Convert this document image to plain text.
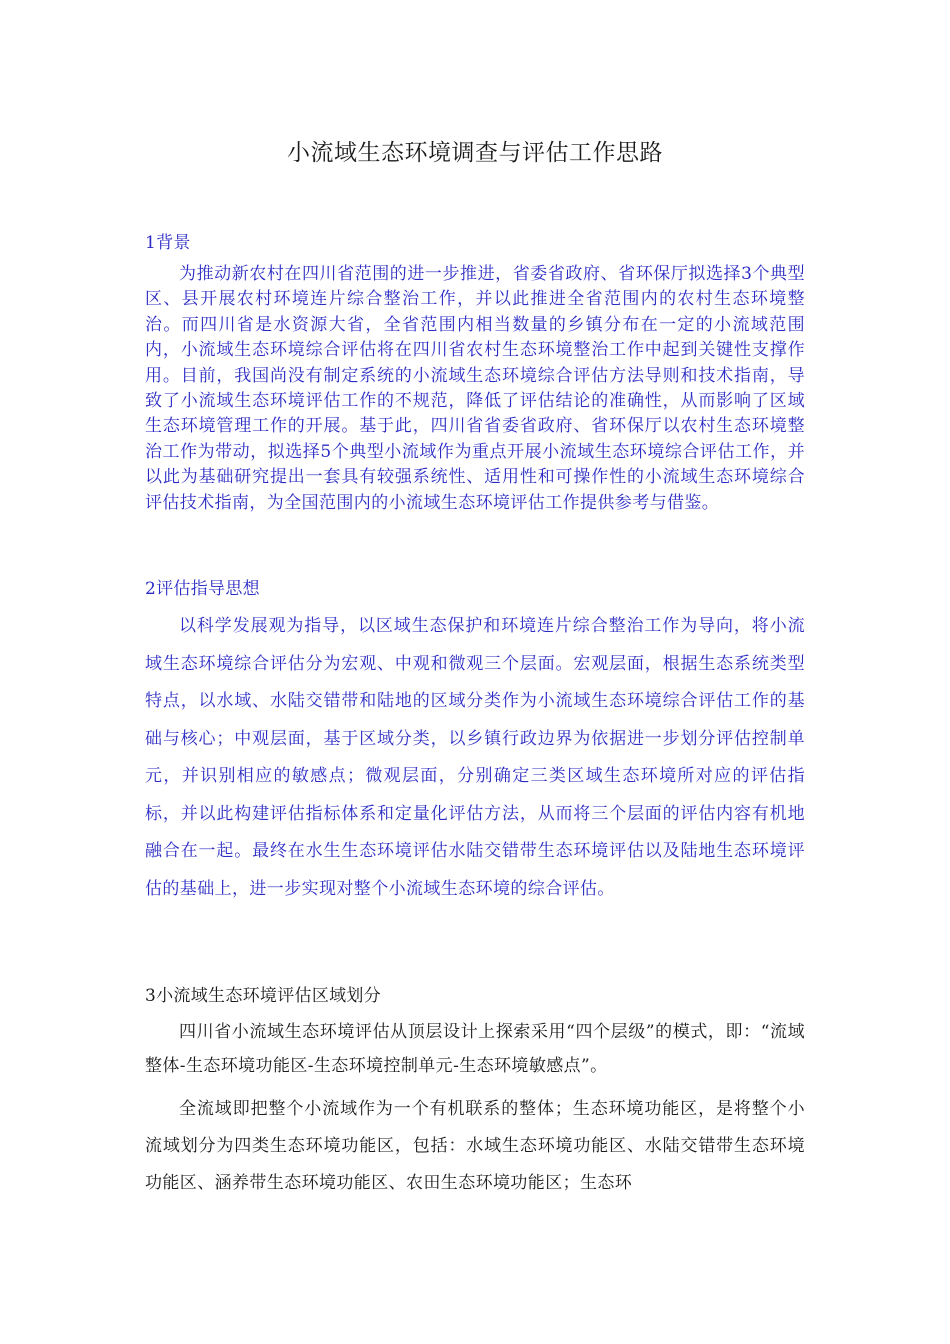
小流域生态环境调查与评估工作思路
1背景

为推动新农村在四川省范围的进一步推进，省委省政府、省环保厅拟选择3个典型区、县开展农村环境连片综合整治工作，并以此推进全省范围内的农村生态环境整治。而四川省是水资源大省，全省范围内相当数量的乡镇分布在一定的小流域范围内，小流域生态环境综合评估将在四川省农村生态环境整治工作中起到关键性支撑作用。目前，我国尚没有制定系统的小流域生态环境综合评估方法导则和技术指南，导致了小流域生态环境评估工作的不规范，降低了评估结论的准确性，从而影响了区域生态环境管理工作的开展。基于此，四川省省委省政府、省环保厅以农村生态环境整治工作为带动，拟选择5个典型小流域作为重点开展小流域生态环境综合评估工作，并以此为基础研究提出一套具有较强系统性、适用性和可操作性的小流域生态环境综合评估技术指南，为全国范围内的小流域生态环境评估工作提供参考与借鉴。

2评估指导思想

以科学发展观为指导，以区域生态保护和环境连片综合整治工作为导向，将小流域生态环境综合评估分为宏观、中观和微观三个层面。宏观层面，根据生态系统类型特点，以水域、水陆交错带和陆地的区域分类作为小流域生态环境综合评估工作的基础与核心；中观层面，基于区域分类，以乡镇行政边界为依据进一步划分评估控制单元，并识别相应的敏感点；微观层面，分别确定三类区域生态环境所对应的评估指标，并以此构建评估指标体系和定量化评估方法，从而将三个层面的评估内容有机地融合在一起。最终在水生生态环境评估水陆交错带生态环境评估以及陆地生态环境评估的基础上，进一步实现对整个小流域生态环境的综合评估。

3小流域生态环境评估区域划分

四川省小流域生态环境评估从顶层设计上探索采用“四个层级”的模式，即：“流域整体-生态环境功能区-生态环境控制单元-生态环境敏感点”。

全流域即把整个小流域作为一个有机联系的整体；生态环境功能区，是将整个小流域划分为四类生态环境功能区，包括：水域生态环境功能区、水陆交错带生态环境功能区、涵养带生态环境功能区、农田生态环境功能区；生态环
